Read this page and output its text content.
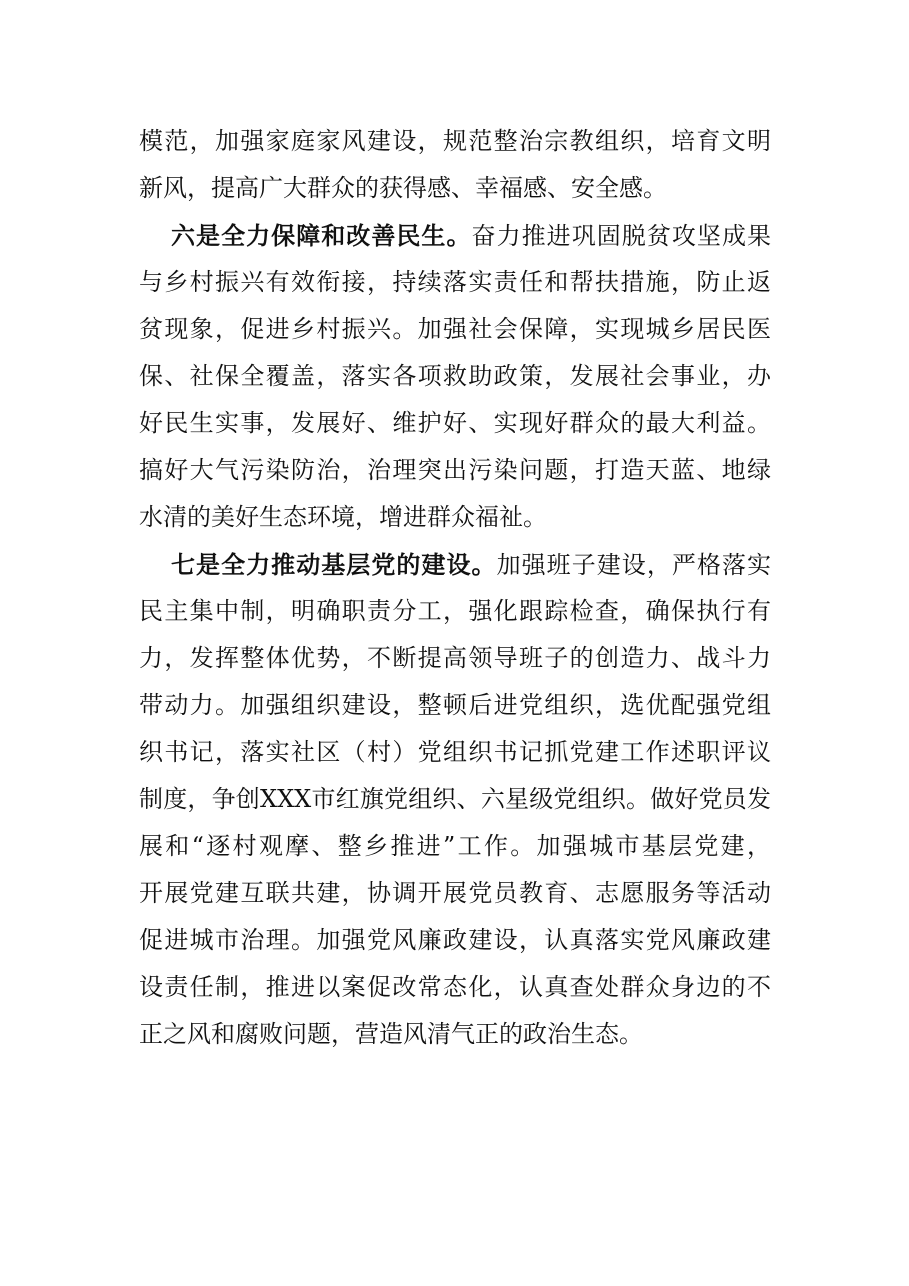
模范，加强家庭家风建设，规范整治宗教组织，培育文明
新风，提高广大群众的获得感、幸福感、安全感。
六是全力保障和改善民生。奋力推进巩固脱贫攻坚成果
与乡村振兴有效衔接，持续落实责任和帮扶措施，防止返
贫现象，促进乡村振兴。加强社会保障，实现城乡居民医
保、社保全覆盖，落实各项救助政策，发展社会事业，办
好民生实事，发展好、维护好、实现好群众的最大利益。
搞好大气污染防治，治理突出污染问题，打造天蓝、地绿
水清的美好生态环境，增进群众福祉。
七是全力推动基层党的建设。加强班子建设，严格落实
民主集中制，明确职责分工，强化跟踪检查，确保执行有
力，发挥整体优势，不断提高领导班子的创造力、战斗力
带动力。加强组织建设，整顿后进党组织，选优配强党组
织书记，落实社区（村）党组织书记抓党建工作述职评议
制度，争创XXX市红旗党组织、六星级党组织。做好党员发
展和“逐村观摩、整乡推进”工作。加强城市基层党建，
开展党建互联共建，协调开展党员教育、志愿服务等活动
促进城市治理。加强党风廉政建设，认真落实党风廉政建
设责任制，推进以案促改常态化，认真查处群众身边的不
正之风和腐败问题，营造风清气正的政治生态。
